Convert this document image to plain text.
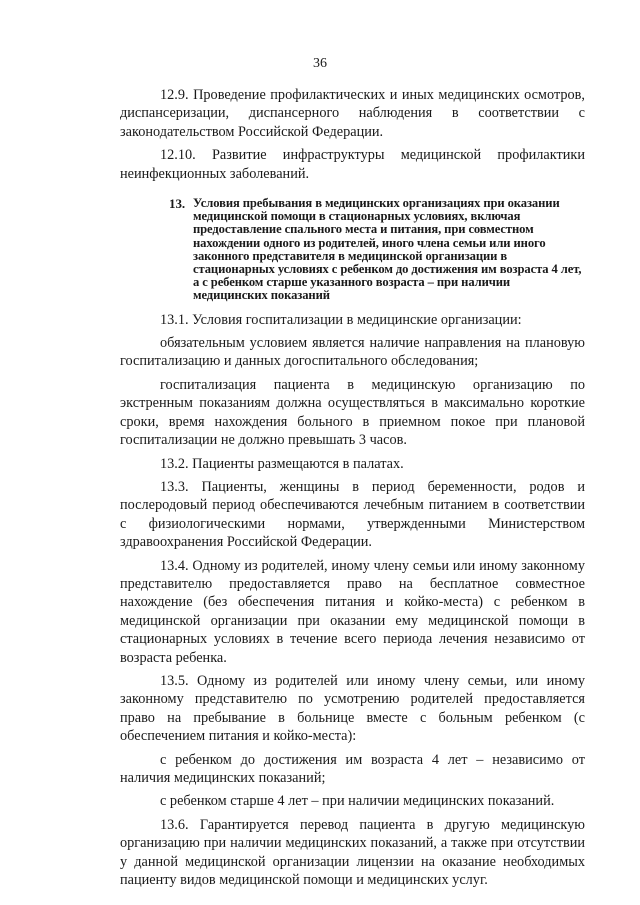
36

12.9. Проведение профилактических и иных медицинских осмотров, диспансеризации, диспансерного наблюдения в соответствии с законодательством Российской Федерации.

12.10. Развитие инфраструктуры медицинской профилактики неинфекционных заболеваний.

13. Условия пребывания в медицинских организациях при оказании медицинской помощи в стационарных условиях, включая предоставление спального места и питания, при совместном нахождении одного из родителей, иного члена семьи или иного законного представителя в медицинской организации в стационарных условиях с ребенком до достижения им возраста 4 лет, а с ребенком старше указанного возраста – при наличии медицинских показаний

13.1. Условия госпитализации в медицинские организации:

обязательным условием является наличие направления на плановую госпитализацию и данных догоспитального обследования;

госпитализация пациента в медицинскую организацию по экстренным показаниям должна осуществляться в максимально короткие сроки, время нахождения больного в приемном покое при плановой госпитализации не должно превышать 3 часов.

13.2. Пациенты размещаются в палатах.

13.3. Пациенты, женщины в период беременности, родов и послеродовый период обеспечиваются лечебным питанием в соответствии с физиологическими нормами, утвержденными Министерством здравоохранения Российской Федерации.

13.4. Одному из родителей, иному члену семьи или иному законному представителю предоставляется право на бесплатное совместное нахождение (без обеспечения питания и койко-места) с ребенком в медицинской организации при оказании ему медицинской помощи в стационарных условиях в течение всего периода лечения независимо от возраста ребенка.

13.5. Одному из родителей или иному члену семьи, или иному законному представителю по усмотрению родителей предоставляется право на пребывание в больнице вместе с больным ребенком (с обеспечением питания и койко-места):

с ребенком до достижения им возраста 4 лет – независимо от наличия медицинских показаний;

с ребенком старше 4 лет – при наличии медицинских показаний.

13.6. Гарантируется перевод пациента в другую медицинскую организацию при наличии медицинских показаний, а также при отсутствии у данной медицинской организации лицензии на оказание необходимых пациенту видов медицинской помощи и медицинских услуг.
